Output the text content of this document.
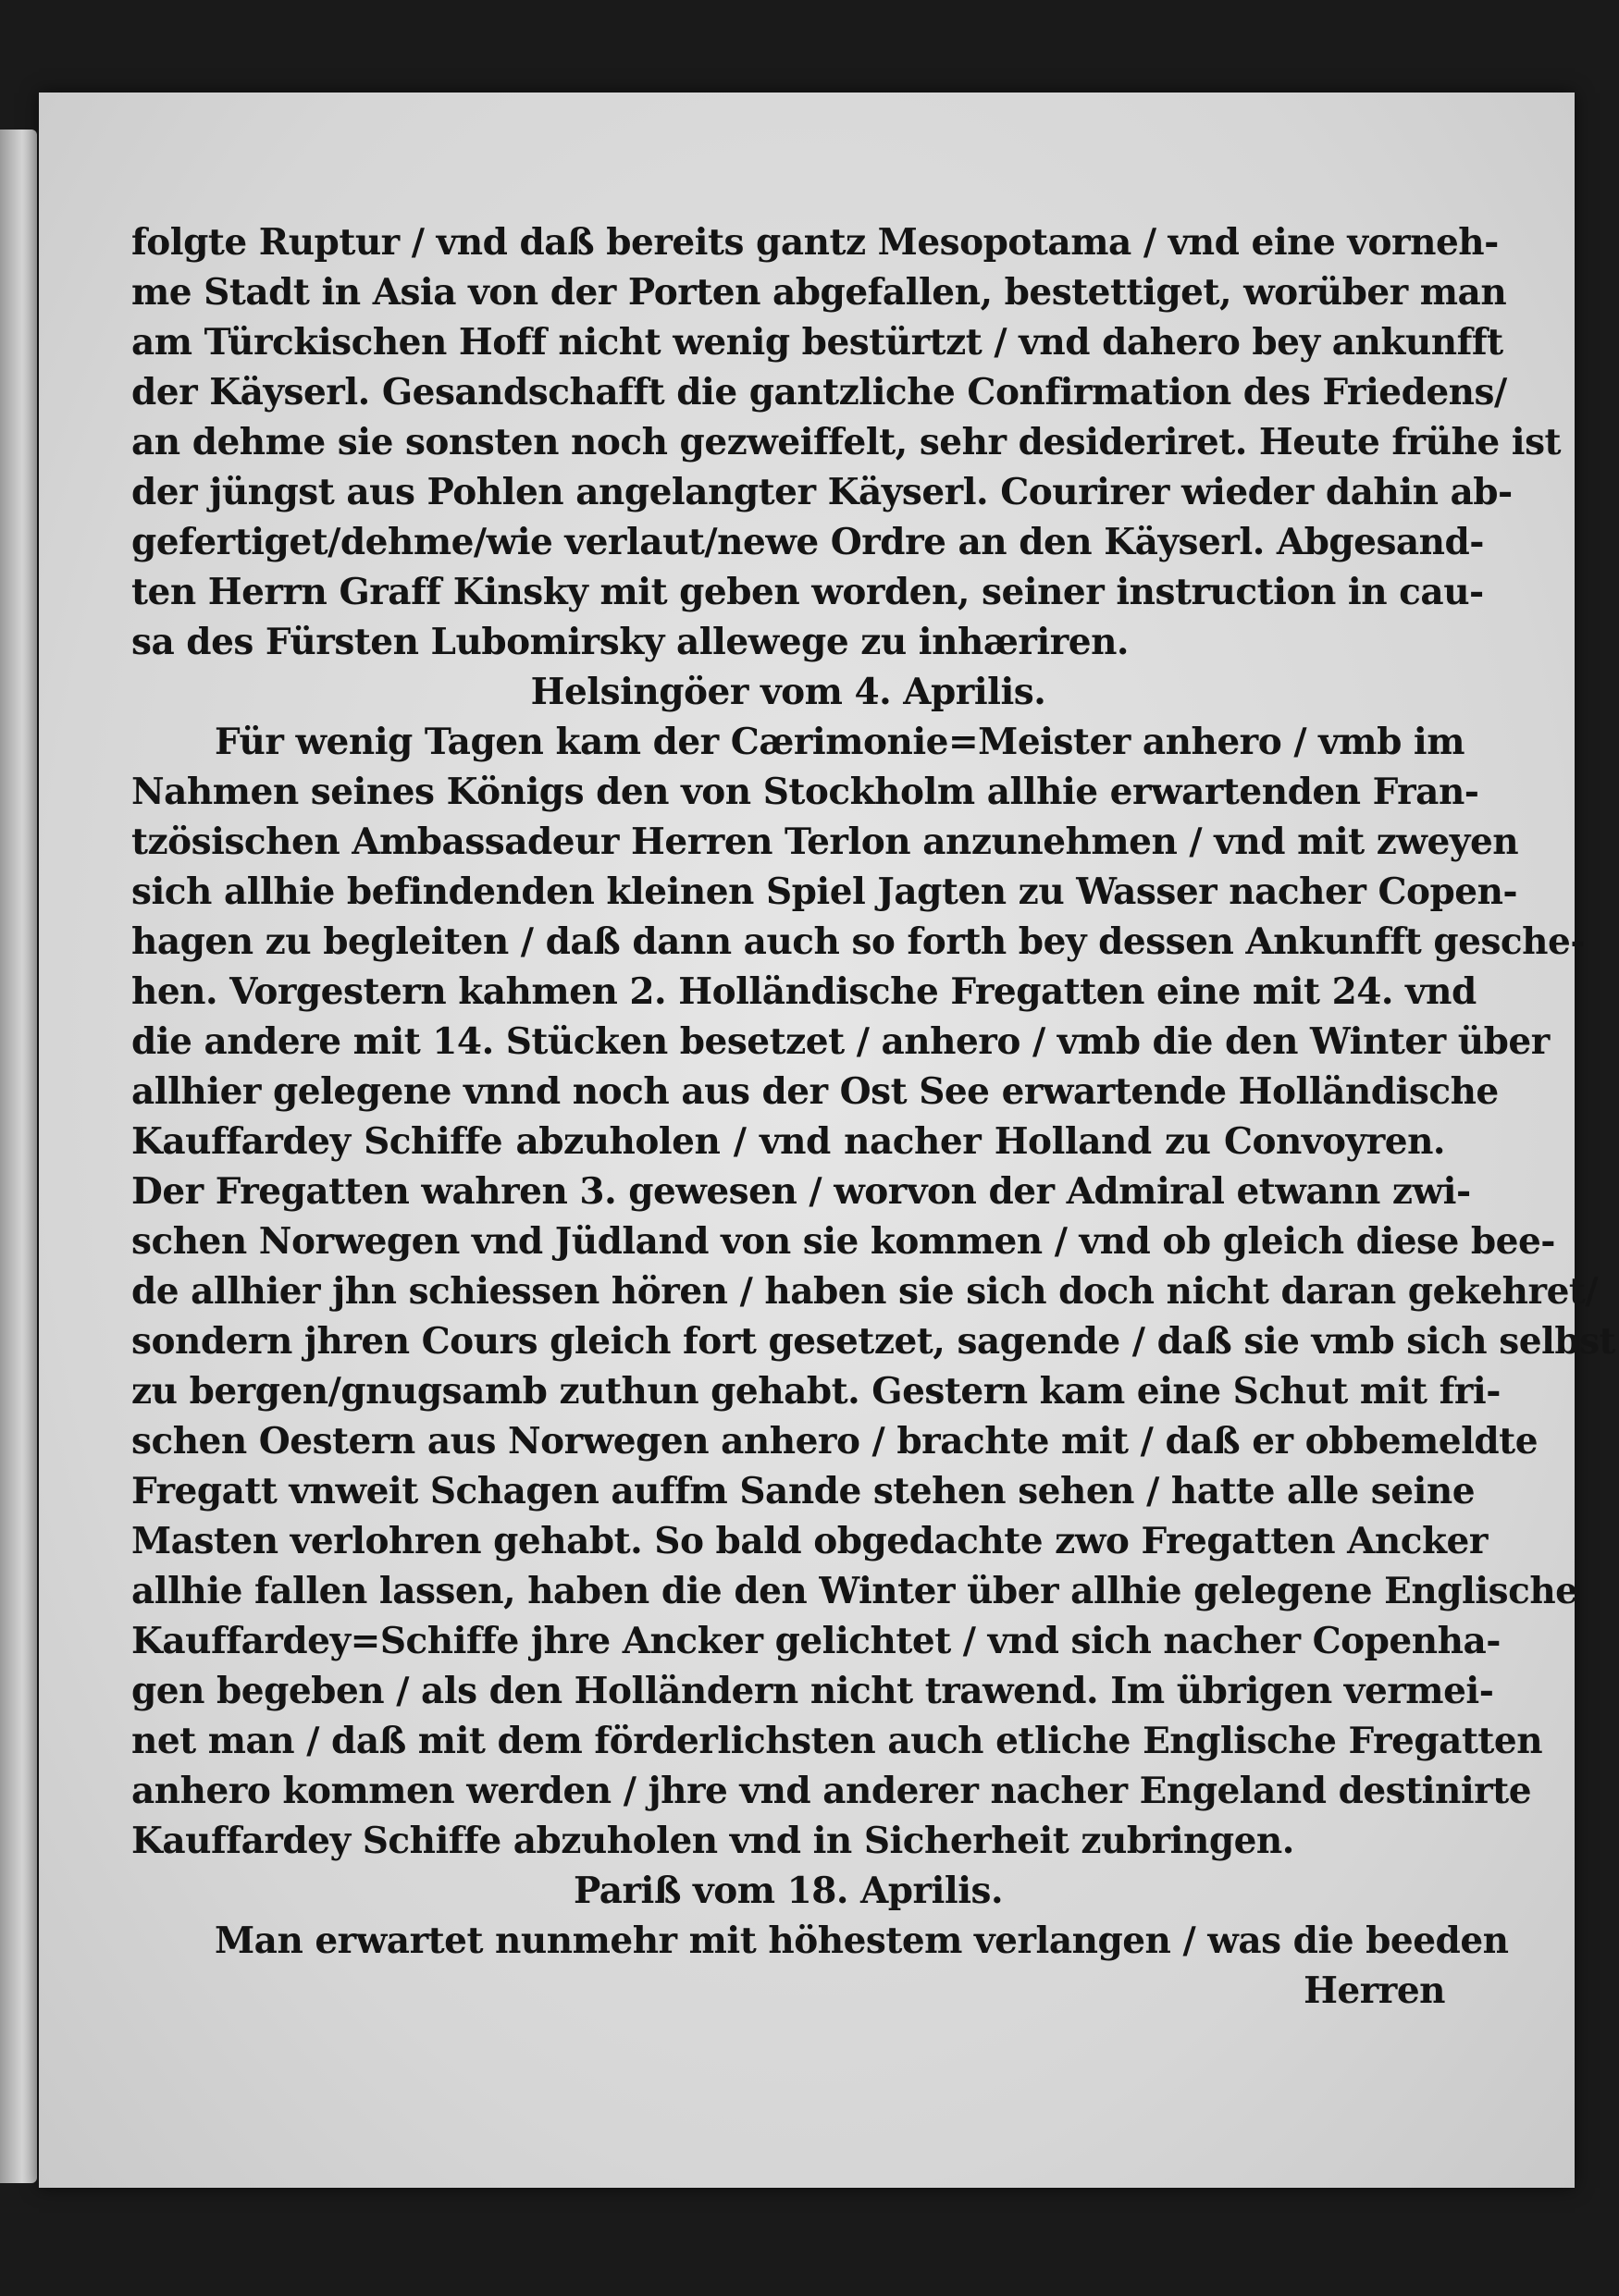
folgte Ruptur / vnd daß bereits gantz Mesopotama / vnd eine vorneh-
me Stadt in Asia von der Porten abgefallen, bestettiget, worüber man
am Türckischen Hoff nicht wenig bestürtzt / vnd dahero bey ankunfft
der Käyserl. Gesandschafft die gantzliche Confirmation des Friedens/
an dehme sie sonsten noch gezweiffelt, sehr desideriret. Heute frühe ist
der jüngst aus Pohlen angelangter Käyserl. Courirer wieder dahin ab-
gefertiget/dehme/wie verlaut/newe Ordre an den Käyserl. Abgesand-
ten Herrn Graff Kinsky mit geben worden, seiner instruction in cau-
sa des Fürsten Lubomirsky allewege zu inhæriren.
Helsingöer vom 4. Aprilis.
Für wenig Tagen kam der Cærimonie=Meister anhero / vmb im
Nahmen seines Königs den von Stockholm allhie erwartenden Fran-
tzösischen Ambassadeur Herren Terlon anzunehmen / vnd mit zweyen
sich allhie befindenden kleinen Spiel Jagten zu Wasser nacher Copen-
hagen zu begleiten / daß dann auch so forth bey dessen Ankunfft gesche-
hen. Vorgestern kahmen 2. Holländische Fregatten eine mit 24. vnd
die andere mit 14. Stücken besetzet / anhero / vmb die den Winter über
allhier gelegene vnnd noch aus der Ost See erwartende Holländische
Kauffardey Schiffe abzuholen / vnd nacher Holland zu Convoyren.
Der Fregatten wahren 3. gewesen / worvon der Admiral etwann zwi-
schen Norwegen vnd Jüdland von sie kommen / vnd ob gleich diese bee-
de allhier jhn schiessen hören / haben sie sich doch nicht daran gekehret/
sondern jhren Cours gleich fort gesetzet, sagende / daß sie vmb sich selbst
zu bergen/gnugsamb zuthun gehabt. Gestern kam eine Schut mit fri-
schen Oestern aus Norwegen anhero / brachte mit / daß er obbemeldte
Fregatt vnweit Schagen auffm Sande stehen sehen / hatte alle seine
Masten verlohren gehabt. So bald obgedachte zwo Fregatten Ancker
allhie fallen lassen, haben die den Winter über allhie gelegene Englische
Kauffardey=Schiffe jhre Ancker gelichtet / vnd sich nacher Copenha-
gen begeben / als den Holländern nicht trawend. Im übrigen vermei-
net man / daß mit dem förderlichsten auch etliche Englische Fregatten
anhero kommen werden / jhre vnd anderer nacher Engeland destinirte
Kauffardey Schiffe abzuholen vnd in Sicherheit zubringen.
Pariß vom 18. Aprilis.
Man erwartet nunmehr mit höhestem verlangen / was die beeden
Herren
